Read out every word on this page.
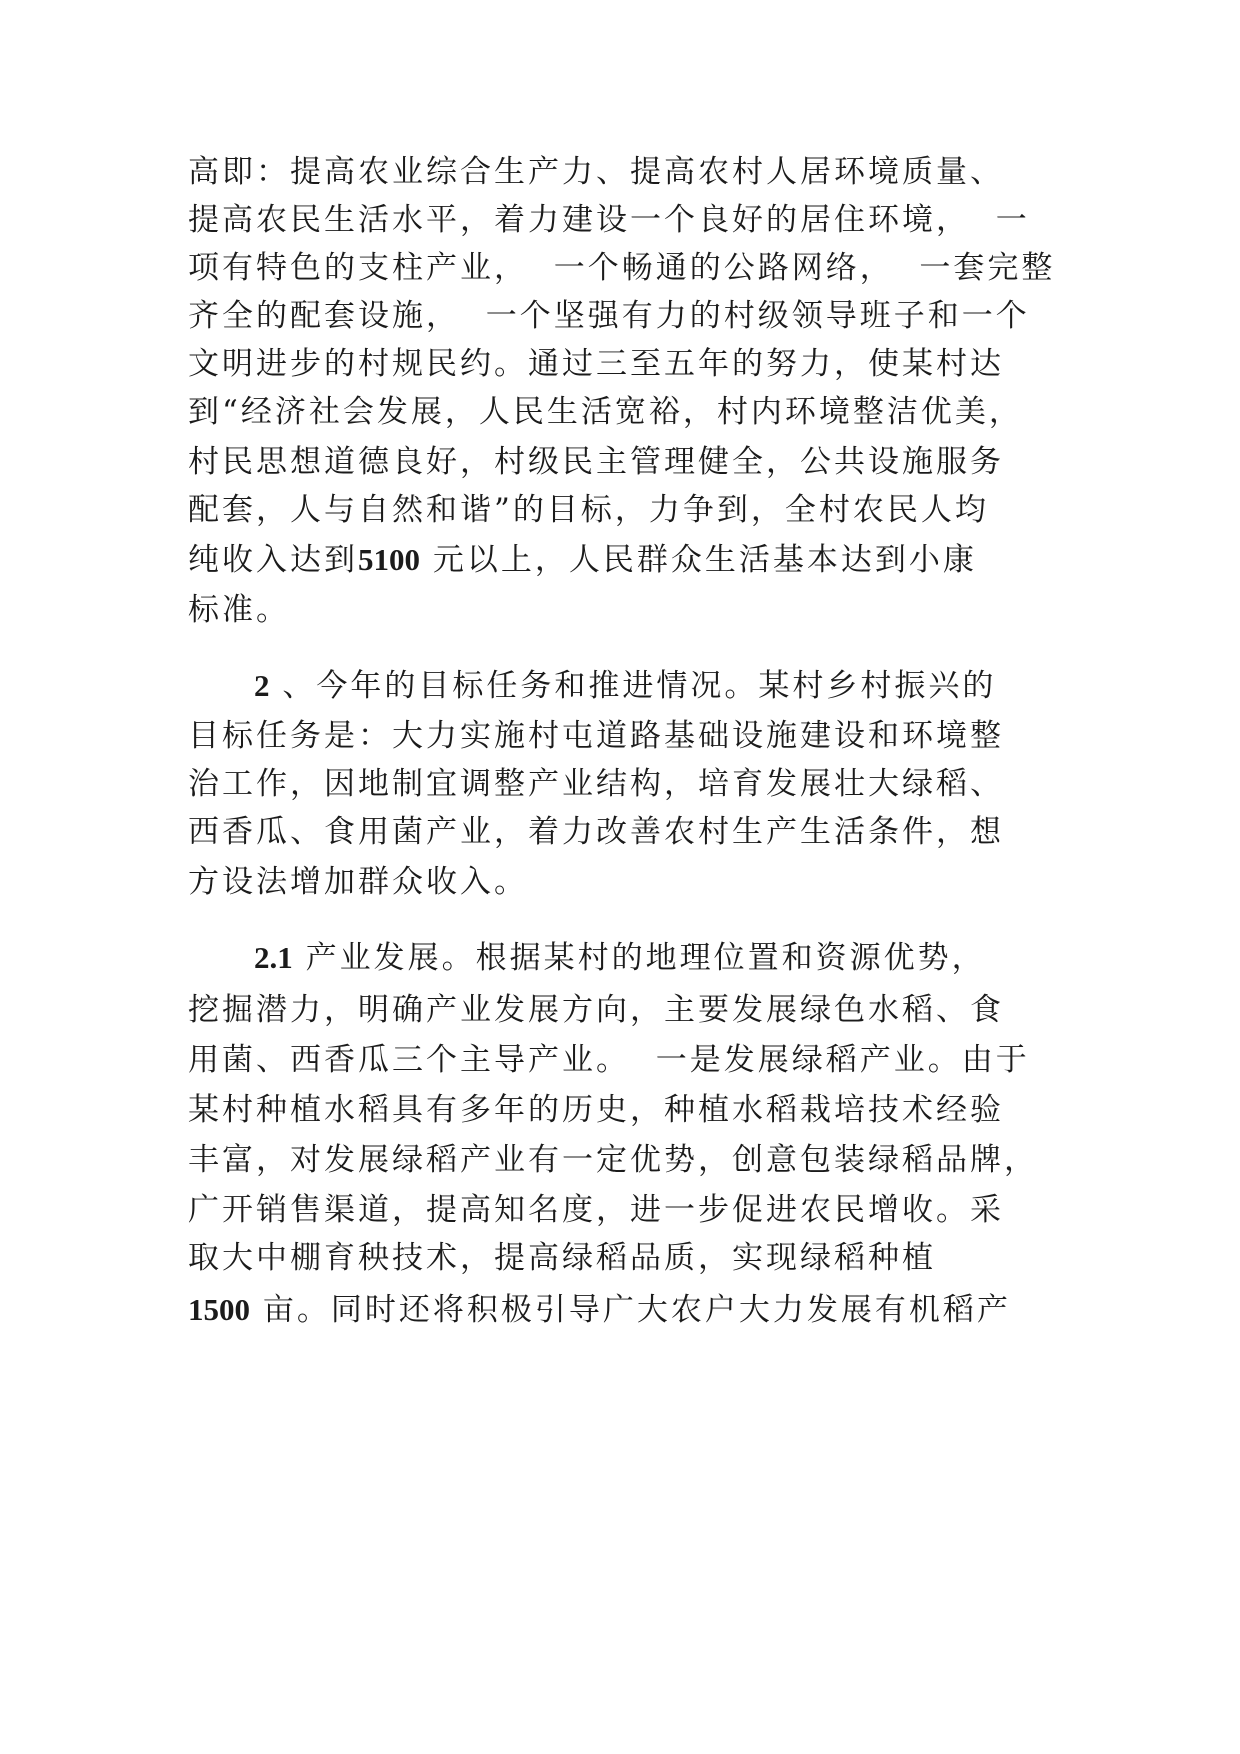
高即：提高农业综合生产力、提高农村人居环境质量、
提高农民生活水平，着力建设一个良好的居住环境，  一
项有特色的支柱产业，  一个畅通的公路网络，  一套完整
齐全的配套设施，  一个坚强有力的村级领导班子和一个
文明进步的村规民约。通过三至五年的努力，使某村达
到“经济社会发展，人民生活宽裕，村内环境整洁优美，
村民思想道德良好，村级民主管理健全，公共设施服务
配套，人与自然和谐”的目标，力争到，全村农民人均
纯收入达到5100 元以上，人民群众生活基本达到小康
标准。
2 、今年的目标任务和推进情况。某村乡村振兴的
目标任务是：大力实施村屯道路基础设施建设和环境整
治工作，因地制宜调整产业结构，培育发展壮大绿稻、
西香瓜、食用菌产业，着力改善农村生产生活条件，想
方设法增加群众收入。
2.1 产业发展。根据某村的地理位置和资源优势，
挖掘潜力，明确产业发展方向，主要发展绿色水稻、食
用菌、西香瓜三个主导产业。  一是发展绿稻产业。由于
某村种植水稻具有多年的历史，种植水稻栽培技术经验
丰富，对发展绿稻产业有一定优势，创意包装绿稻品牌，
广开销售渠道，提高知名度，进一步促进农民增收。采
取大中棚育秧技术，提高绿稻品质，实现绿稻种植
1500 亩。同时还将积极引导广大农户大力发展有机稻产
